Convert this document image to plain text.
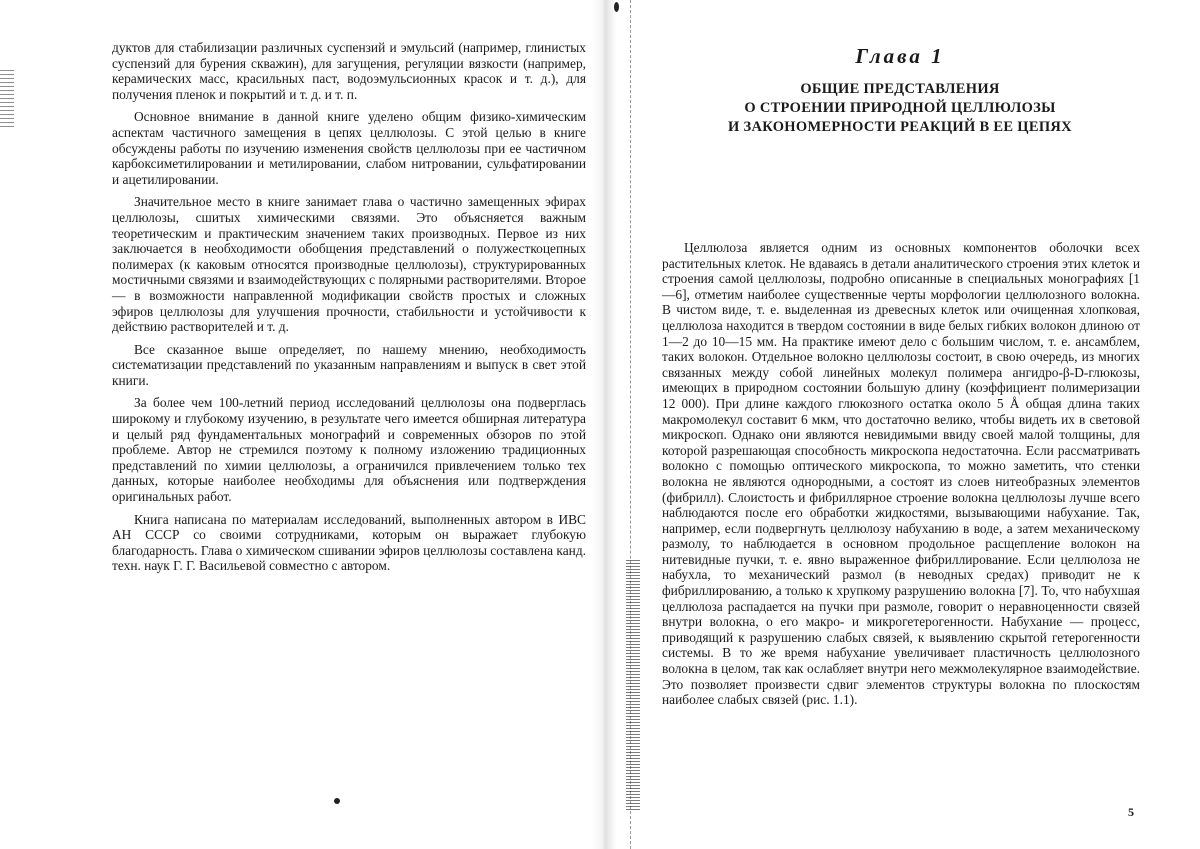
дуктов для стабилизации различных суспензий и эмульсий (например, глинистых суспензий для бурения скважин), для загущения, регуляции вязкости (например, керамических масс, красильных паст, водоэмульсионных красок и т. д.), для получения пленок и покрытий и т. д. и т. п.

Основное внимание в данной книге уделено общим физико-химическим аспектам частичного замещения в цепях целлюлозы. С этой целью в книге обсуждены работы по изучению изменения свойств целлюлозы при ее частичном карбоксиметилировании и метилировании, слабом нитровании, сульфатировании и ацетилировании.

Значительное место в книге занимает глава о частично замещенных эфирах целлюлозы, сшитых химическими связями. Это объясняется важным теоретическим и практическим значением таких производных. Первое из них заключается в необходимости обобщения представлений о полужесткоцепных полимерах (к каковым относятся производные целлюлозы), структурированных мостичными связями и взаимодействующих с полярными растворителями. Второе — в возможности направленной модификации свойств простых и сложных эфиров целлюлозы для улучшения прочности, стабильности и устойчивости к действию растворителей и т. д.

Все сказанное выше определяет, по нашему мнению, необходимость систематизации представлений по указанным направлениям и выпуск в свет этой книги.

За более чем 100-летний период исследований целлюлозы она подверглась широкому и глубокому изучению, в результате чего имеется обширная литература и целый ряд фундаментальных монографий и современных обзоров по этой проблеме. Автор не стремился поэтому к полному изложению традиционных представлений по химии целлюлозы, а ограничился привлечением только тех данных, которые наиболее необходимы для объяснения или подтверждения оригинальных работ.

Книга написана по материалам исследований, выполненных автором в ИВС АН СССР со своими сотрудниками, которым он выражает глубокую благодарность. Глава о химическом сшивании эфиров целлюлозы составлена канд. техн. наук Г. Г. Васильевой совместно с автором.

Глава 1
ОБЩИЕ ПРЕДСТАВЛЕНИЯ
О СТРОЕНИИ ПРИРОДНОЙ ЦЕЛЛЮЛОЗЫ
И ЗАКОНОМЕРНОСТИ РЕАКЦИЙ В ЕЕ ЦЕПЯХ

Целлюлоза является одним из основных компонентов оболочки всех растительных клеток. Не вдаваясь в детали аналитического строения этих клеток и строения самой целлюлозы, подробно описанные в специальных монографиях [1—6], отметим наиболее существенные черты морфологии целлюлозного волокна. В чистом виде, т. е. выделенная из древесных клеток или очищенная хлопковая, целлюлоза находится в твердом состоянии в виде белых гибких волокон длиною от 1—2 до 10—15 мм. На практике имеют дело с большим числом, т. е. ансамблем, таких волокон. Отдельное волокно целлюлозы состоит, в свою очередь, из многих связанных между собой линейных молекул полимера ангидро-β-D-глюкозы, имеющих в природном состоянии большую длину (коэффициент полимеризации 12 000). При длине каждого глюкозного остатка около 5 Å общая длина таких макромолекул составит 6 мкм, что достаточно велико, чтобы видеть их в световой микроскоп. Однако они являются невидимыми ввиду своей малой толщины, для которой разрешающая способность микроскопа недостаточна. Если рассматривать волокно с помощью оптического микроскопа, то можно заметить, что стенки волокна не являются однородными, а состоят из слоев нитеобразных элементов (фибрилл). Слоистость и фибриллярное строение волокна целлюлозы лучше всего наблюдаются после его обработки жидкостями, вызывающими набухание. Так, например, если подвергнуть целлюлозу набуханию в воде, а затем механическому размолу, то наблюдается в основном продольное расщепление волокон на нитевидные пучки, т. е. явно выраженное фибриллирование. Если целлюлоза не набухла, то механический размол (в неводных средах) приводит не к фибриллированию, а только к хрупкому разрушению волокна [7]. То, что набухшая целлюлоза распадается на пучки при размоле, говорит о неравноценности связей внутри волокна, о его макро- и микрогетерогенности. Набухание — процесс, приводящий к разрушению слабых связей, к выявлению скрытой гетерогенности системы. В то же время набухание увеличивает пластичность целлюлозного волокна в целом, так как ослабляет внутри него межмолекулярное взаимодействие. Это позволяет произвести сдвиг элементов структуры волокна по плоскостям наиболее слабых связей (рис. 1.1).

5
